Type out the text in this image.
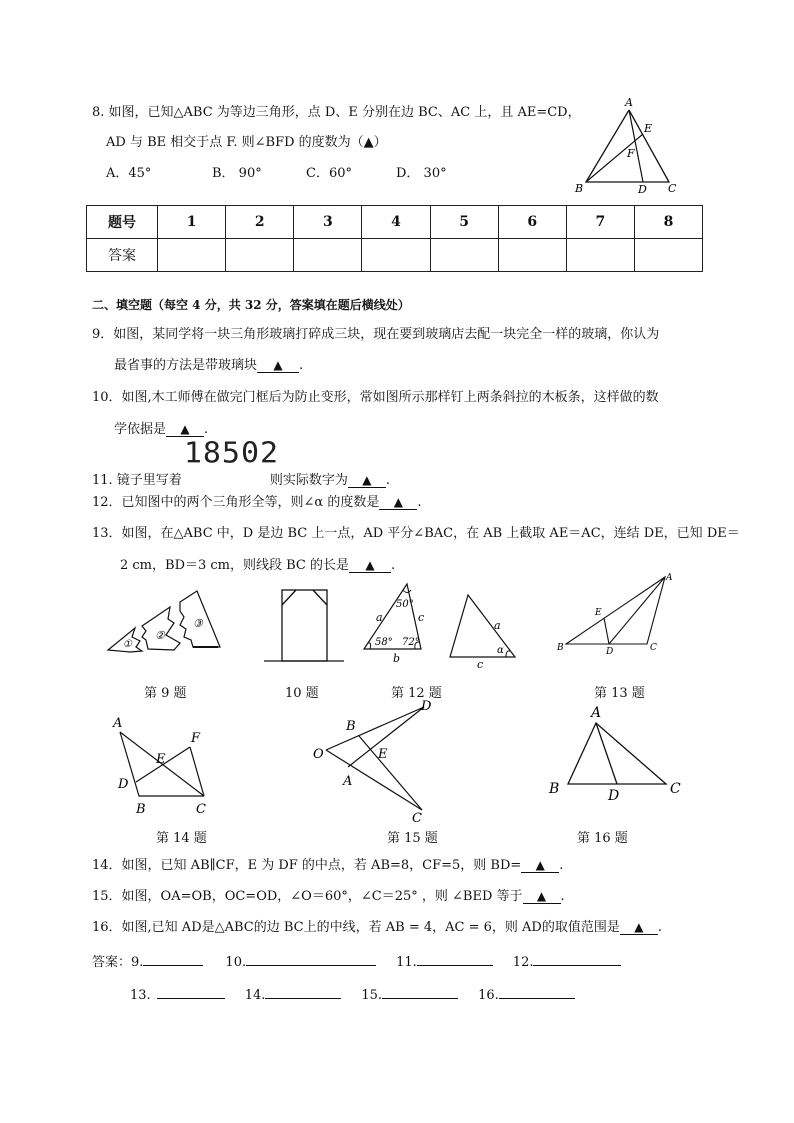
8. 如图，已知△ABC 为等边三角形，点 D、E 分别在边 BC、AC 上，且 AE=CD，
AD 与 BE 相交于点 F. 则∠BFD 的度数为（▲）
A．45°	B． 90°	C．60°	D． 30°
A
B	C
D
E
F
题号	1	2	3	4	5	6	7	8
答案								
二、填空题（每空 4 分，共 32 分，答案填在题后横线处）
9．如图，某同学将一块三角形玻璃打碎成三块，现在要到玻璃店去配一块完全一样的玻璃，你认为
最省事的方法是带玻璃块 ▲ .
10．如图,木工师傅在做完门框后为防止变形，常如图所示那样钉上两条斜拉的木板条，这样做的数
学依据是 ▲ .
11. 镜子里写着
18502
则实际数字为 ▲ .
12．已知图中的两个三角形全等，则∠α 的度数是 ▲ .
13．如图，在△ABC 中，D 是边 BC 上一点，AD 平分∠BAC，在 AB 上截取 AE＝AC，连结 DE，已知 DE＝
2 cm，BD＝3 cm，则线段 BC 的长是 ▲ .
①
②
③
第 9 题	10 题
50°
58° 72°
a
b
c
a
c
α
第 12 题
A
B	C
D
E
第 13 题
A
B	C
D
E
F
第 14 题
O
B
A
E
D
C
第 15 题
A
B	C
D
第 16 题
14．如图，已知 AB∥CF，E 为 DF 的中点，若 AB=8，CF=5，则 BD= ▲ .
15．如图，OA=OB，OC=OD，∠O＝60°，∠C＝25° ，则 ∠BED 等于 ▲ .
16．如图,已知 AD是△ABC的边 BC上的中线，若 AB = 4，AC = 6，则 AD的取值范围是 ▲ .
答案：9.	10.	11.	12.
13.	14.	15.	16.
